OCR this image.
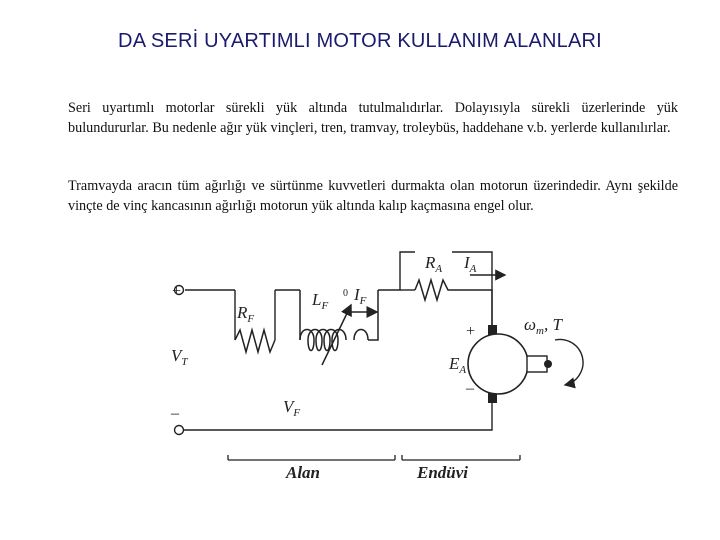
DA SERİ UYARTIMLI MOTOR KULLANIM ALANLARI

Seri uyartımlı motorlar sürekli yük altında tutulmalıdırlar. Dolayısıyla sürekli üzerlerinde yük bulundururlar. Bu nedenle ağır yük vinçleri, tren, tramvay, troleybüs, haddehane v.b. yerlerde kullanılırlar.

Tramvayda aracın tüm ağırlığı ve sürtünme kuvvetleri durmakta olan motorun üzerindedir. Aynı şekilde vinçte de vinç kancasının ağırlığı motorun yük altında kalıp kaçmasına engel olur.

+
–
$V_T$
$R_F$
$L_F$
0 $I_F$
$R_A$ $I_A$
+
$E_A$
–
$\omega_m$, T
$V_F$
Alan	Endüvi
